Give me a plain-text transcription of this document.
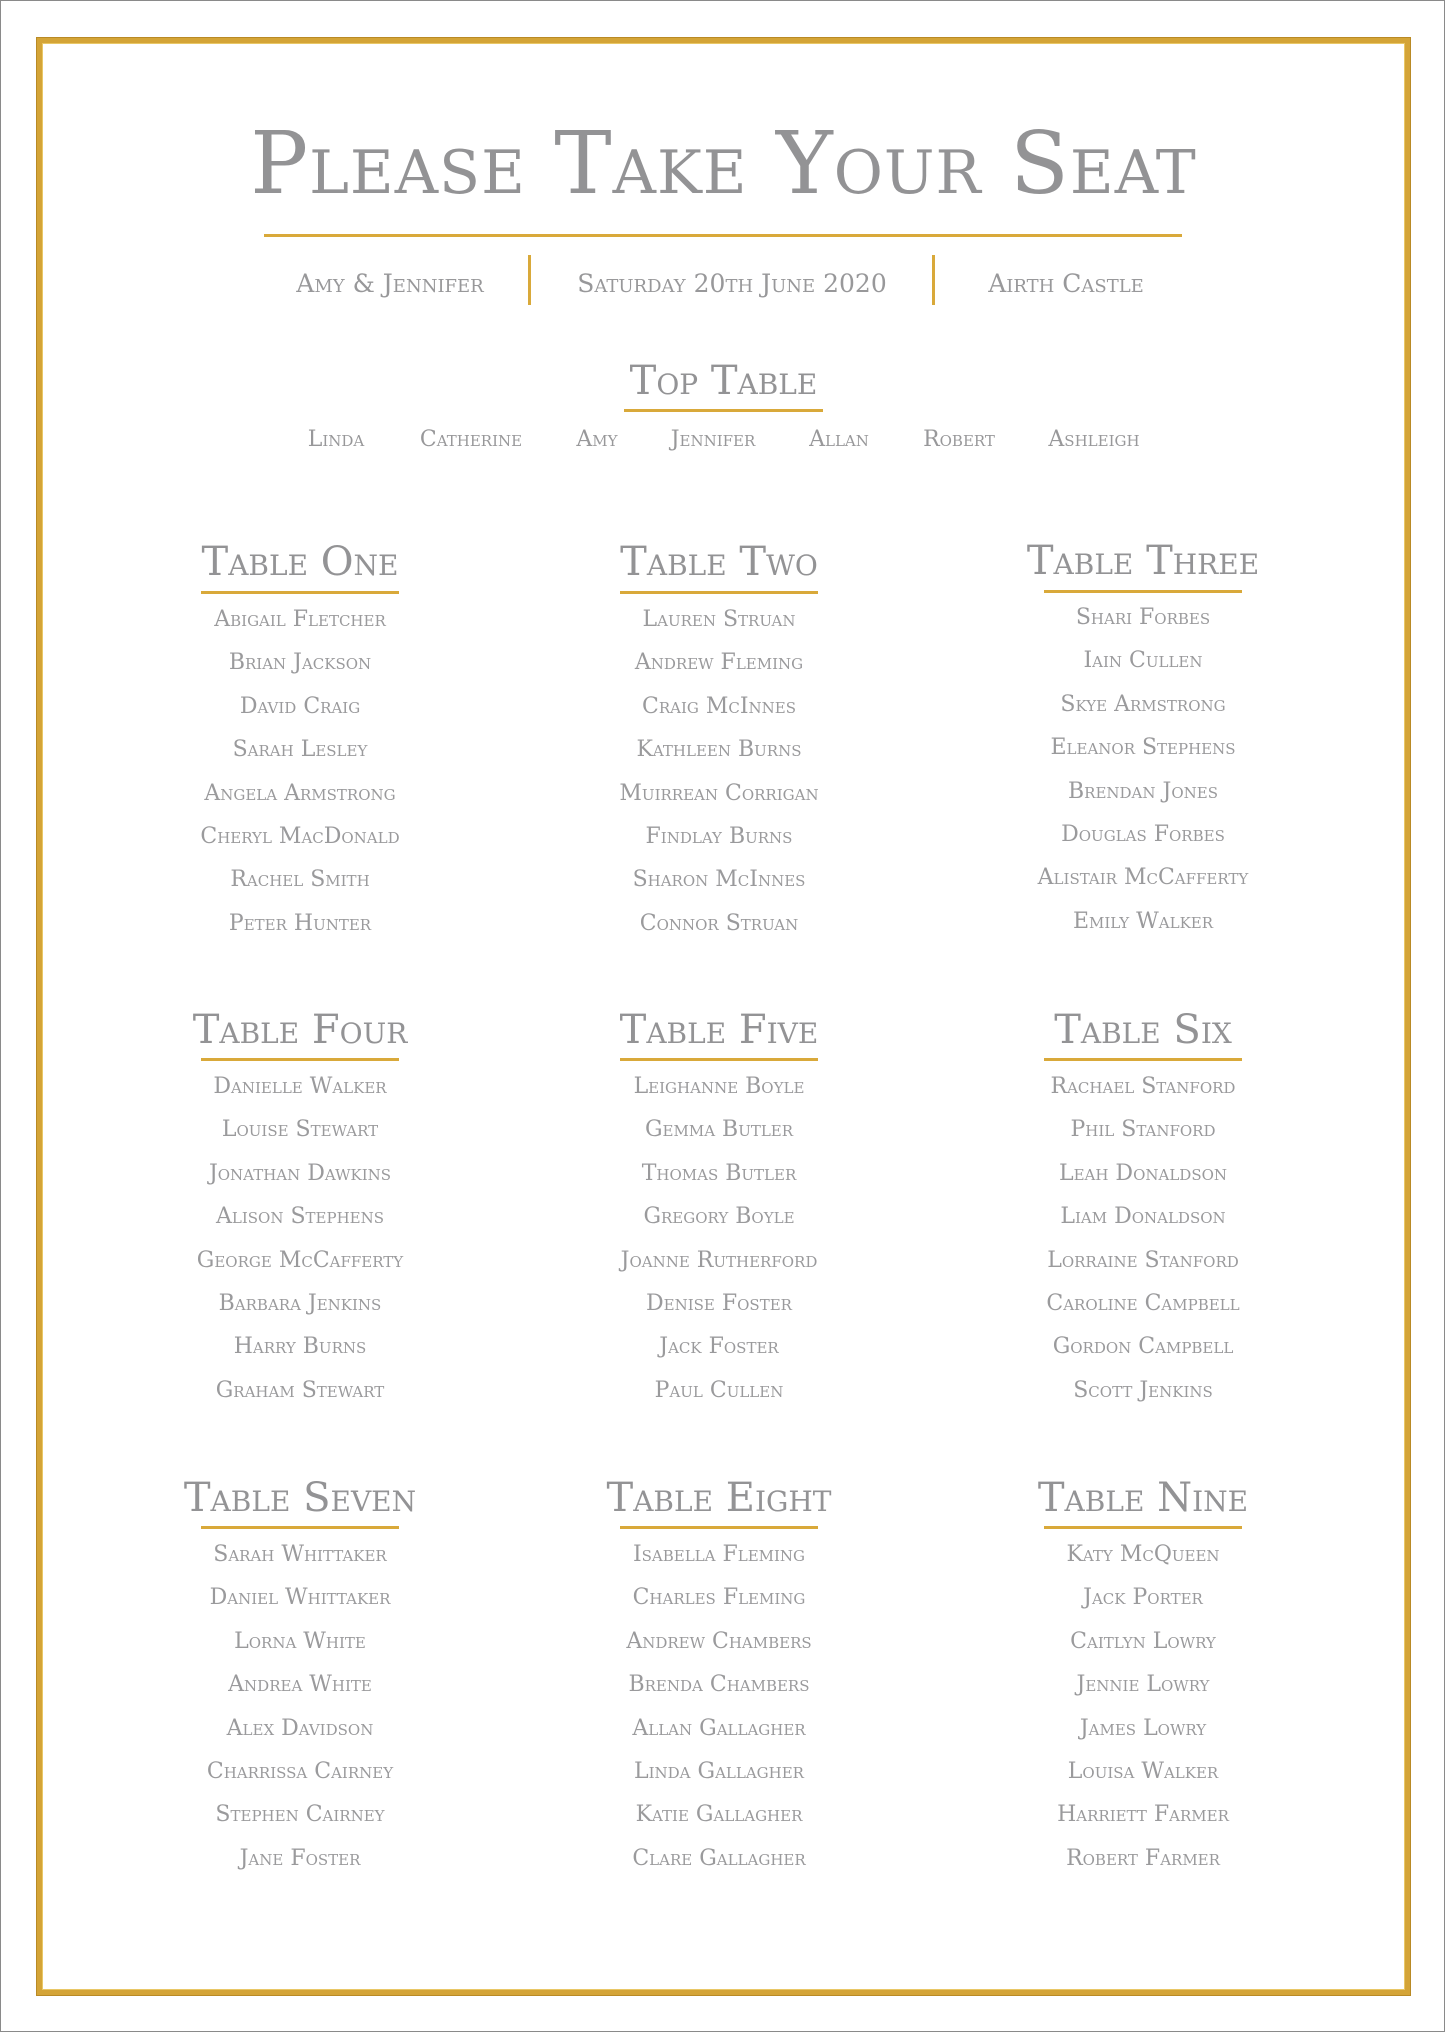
Please Take Your Seat
Amy & Jennifer	Saturday 20th June 2020	Airth Castle
Top Table
Linda	Catherine Amy Jennifer Allan Robert Ashleigh
Table One
Abigail Fletcher
Brian Jackson
David Craig
Sarah Lesley
Angela Armstrong
Cheryl MacDonald
Rachel Smith
Peter Hunter
Table Two
Lauren Struan
Andrew Fleming
Craig McInnes
Kathleen Burns
Muirrean Corrigan
Findlay Burns
Sharon McInnes
Connor Struan
Table Three
Shari Forbes
Iain Cullen
Skye Armstrong
Eleanor Stephens
Brendan Jones
Douglas Forbes
Alistair McCafferty
Emily Walker
Table Four
Danielle Walker
Louise Stewart
Jonathan Dawkins
Alison Stephens
George McCafferty
Barbara Jenkins
Harry Burns
Graham Stewart
Table Five
Leighanne Boyle
Gemma Butler
Thomas Butler
Gregory Boyle
Joanne Rutherford
Denise Foster
Jack Foster
Paul Cullen
Table Six
Rachael Stanford
Phil Stanford
Leah Donaldson
Liam Donaldson
Lorraine Stanford
Caroline Campbell
Gordon Campbell
Scott Jenkins
Table Seven
Sarah Whittaker
Daniel Whittaker
Lorna White
Andrea White
Alex Davidson
Charrissa Cairney
Stephen Cairney
Jane Foster
Table Eight
Isabella Fleming
Charles Fleming
Andrew Chambers
Brenda Chambers
Allan Gallagher
Linda Gallagher
Katie Gallagher
Clare Gallagher
Table Nine
Katy McQueen
Jack Porter
Caitlyn Lowry
Jennie Lowry
James Lowry
Louisa Walker
Harriett Farmer
Robert Farmer
